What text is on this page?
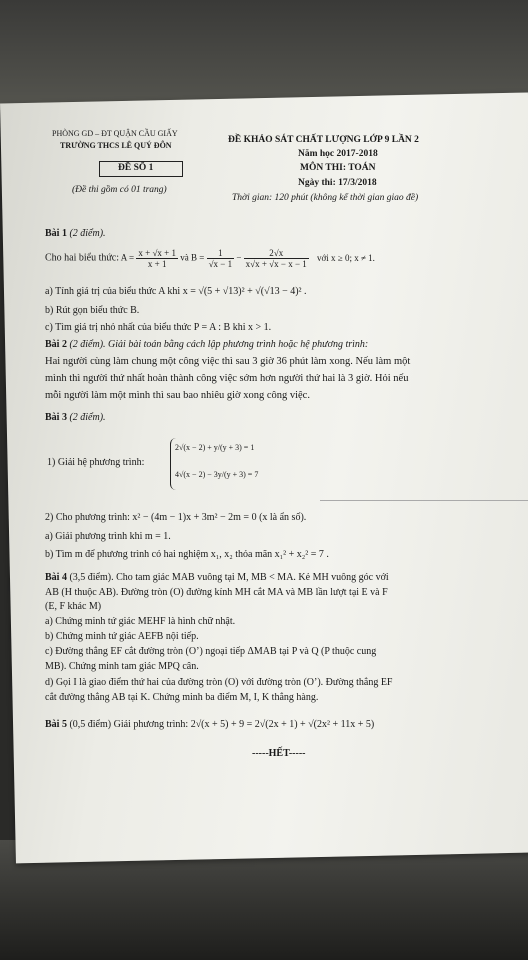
PHÒNG GD – ĐT QUẬN CẦU GIẤY
TRƯỜNG THCS LÊ QUÝ ĐÔN
ĐỀ SỐ 1
(Đề thi gồm có 01 trang)
ĐỀ KHẢO SÁT CHẤT LƯỢNG LỚP 9 LẦN 2
Năm học 2017-2018
MÔN THI: TOÁN
Ngày thi: 17/3/2018
Thời gian: 120 phút (không kể thời gian giao đề)
Bài 1 (2 điểm).
Cho hai biểu thức: $A = \frac{x + √x + 1}{x + 1}$ và $B = \frac{1}{√x - 1} - \frac{2√x}{x√x + √x - x - 1}$ với x ≥ 0; x ≠ 1.
a) Tính giá trị của biểu thức A khi x = √(5 + √13)² + √(√13 − 4)² .
b) Rút gọn biểu thức B.
c) Tìm giá trị nhỏ nhất của biểu thức P = A : B khi x > 1.
Bài 2 (2 điểm). Giải bài toán bằng cách lập phương trình hoặc hệ phương trình:
Hai người cùng làm chung một công việc thì sau 3 giờ 36 phút làm xong. Nếu làm một
mình thì người thứ nhất hoàn thành công việc sớm hơn người thứ hai là 3 giờ. Hỏi nếu
mỗi người làm một mình thì sau bao nhiêu giờ xong công việc.
Bài 3 (2 điểm).
1) Giải hệ phương trình:
2√(x − 2) + y/(y + 3) = 1
4√(x − 2) − 3y/(y + 3) = 7
2) Cho phương trình: x² − (4m − 1)x + 3m² − 2m = 0 (x là ẩn số).
a) Giải phương trình khi m = 1.
b) Tìm m để phương trình có hai nghiệm x₁, x₂ thỏa mãn x₁² + x₂² = 7 .
Bài 4 (3,5 điểm). Cho tam giác MAB vuông tại M, MB < MA. Kẻ MH vuông góc với
AB (H thuộc AB). Đường tròn (O) đường kính MH cắt MA và MB lần lượt tại E và F
(E, F khác M)
a) Chứng minh tứ giác MEHF là hình chữ nhật.
b) Chứng minh tứ giác AEFB nội tiếp.
c) Đường thẳng EF cắt đường tròn (O’) ngoại tiếp ΔMAB tại P và Q (P thuộc cung
MB). Chứng minh tam giác MPQ cân.
d) Gọi I là giao điểm thứ hai của đường tròn (O) với đường tròn (O’). Đường thẳng EF
cắt đường thẳng AB tại K. Chứng minh ba điểm M, I, K thẳng hàng.
Bài 5 (0,5 điểm) Giải phương trình: 2√(x + 5) + 9 = 2√(2x + 1) + √(2x² + 11x + 5)
-----HẾT-----
